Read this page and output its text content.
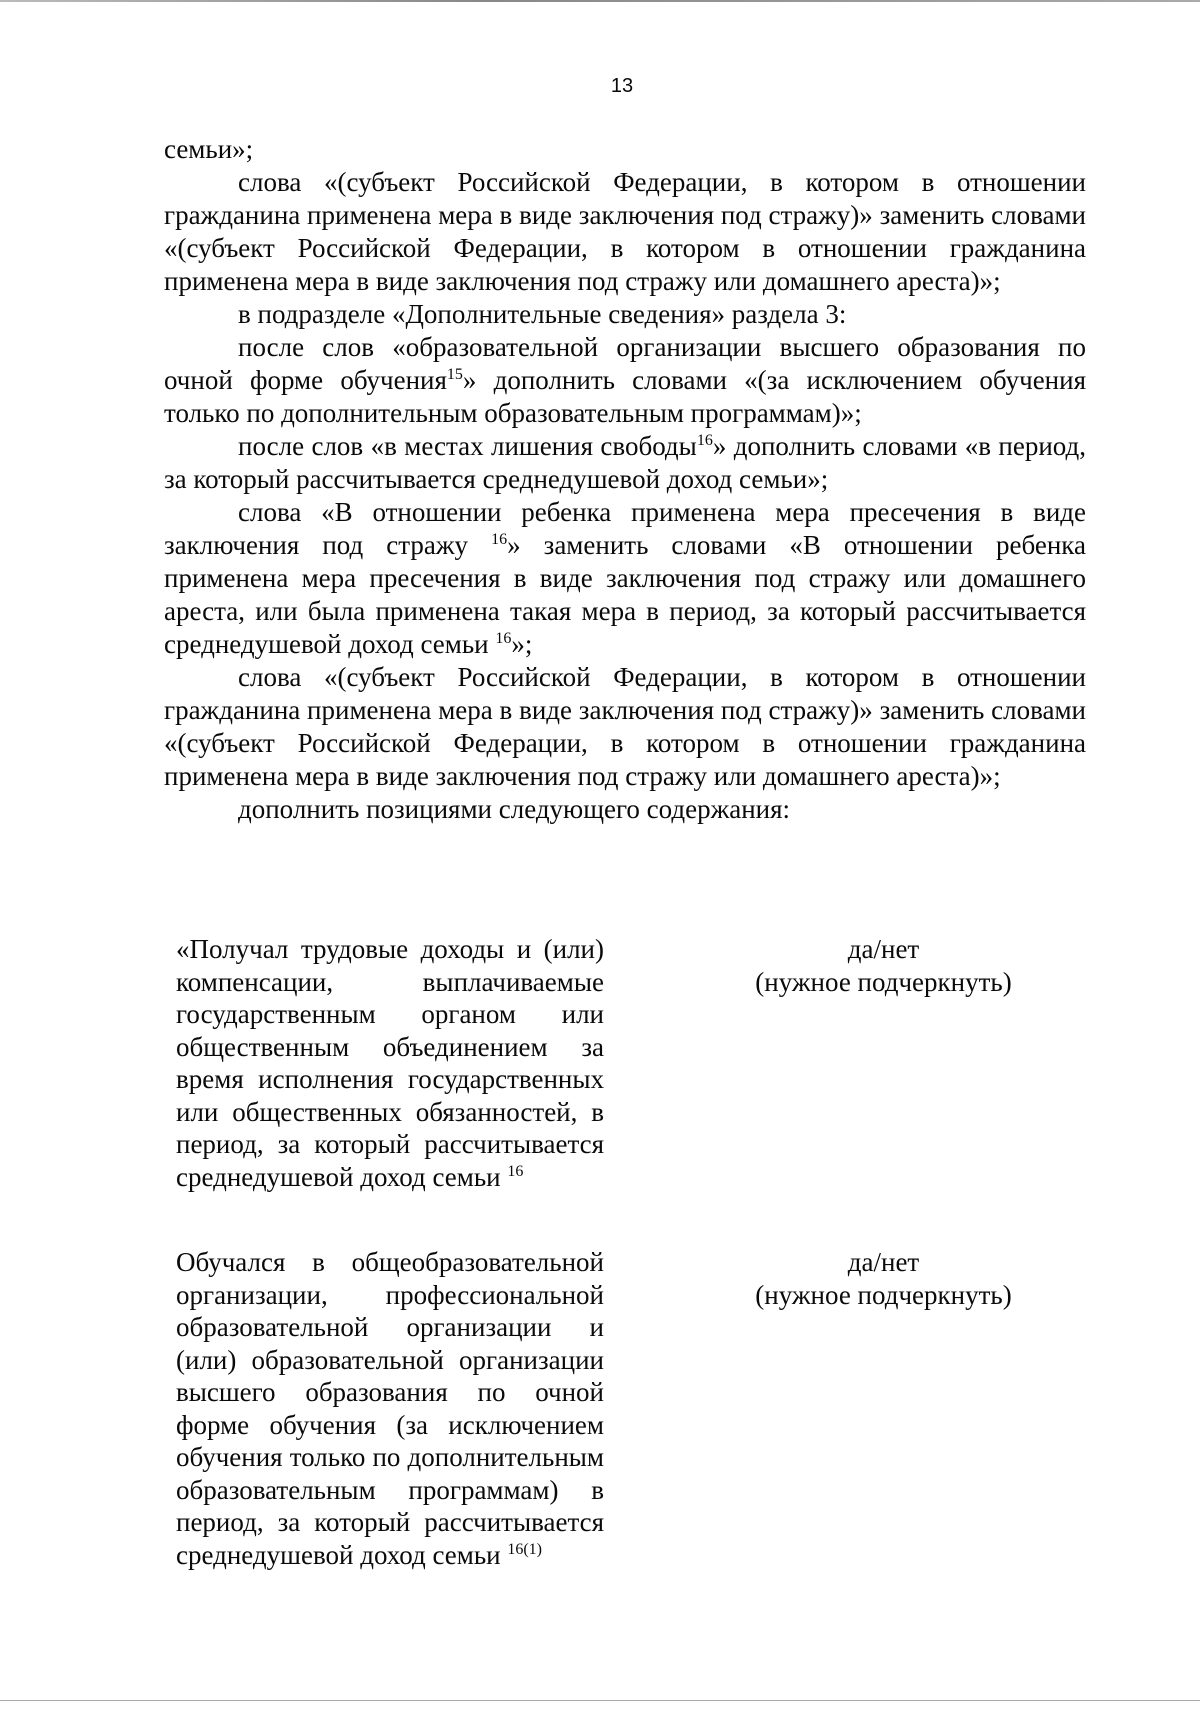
13

семьи»;

слова «(субъект Российской Федерации, в котором в отношении гражданина применена мера в виде заключения под стражу)» заменить словами «(субъект Российской Федерации, в котором в отношении гражданина применена мера в виде заключения под стражу или домашнего ареста)»;

в подразделе «Дополнительные сведения» раздела 3:

после слов «образовательной организации высшего образования по очной форме обучения$^{15}$» дополнить словами «(за исключением обучения только по дополнительным образовательным программам)»;

после слов «в местах лишения свободы$^{16}$» дополнить словами «в период, за который рассчитывается среднедушевой доход семьи»;

слова «В отношении ребенка применена мера пресечения в виде заключения под стражу $^{16}$» заменить словами «В отношении ребенка применена мера пресечения в виде заключения под стражу или домашнего ареста, или была применена такая мера в период, за который рассчитывается среднедушевой доход семьи $^{16}$»;

слова «(субъект Российской Федерации, в котором в отношении гражданина применена мера в виде заключения под стражу)» заменить словами «(субъект Российской Федерации, в котором в отношении гражданина применена мера в виде заключения под стражу или домашнего ареста)»;

дополнить позициями следующего содержания:

«Получал трудовые доходы и (или) компенсации, выплачиваемые государственным органом или общественным объединением за время исполнения государственных или общественных обязанностей, в период, за который рассчитывается среднедушевой доход семьи $^{16}$
да/нет
(нужное подчеркнуть)
Обучался в общеобразовательной организации, профессиональной образовательной организации и (или) образовательной организации высшего образования по очной форме обучения (за исключением обучения только по дополнительным образовательным программам) в период, за который рассчитывается среднедушевой доход семьи $^{16(1)}$
да/нет
(нужное подчеркнуть)
